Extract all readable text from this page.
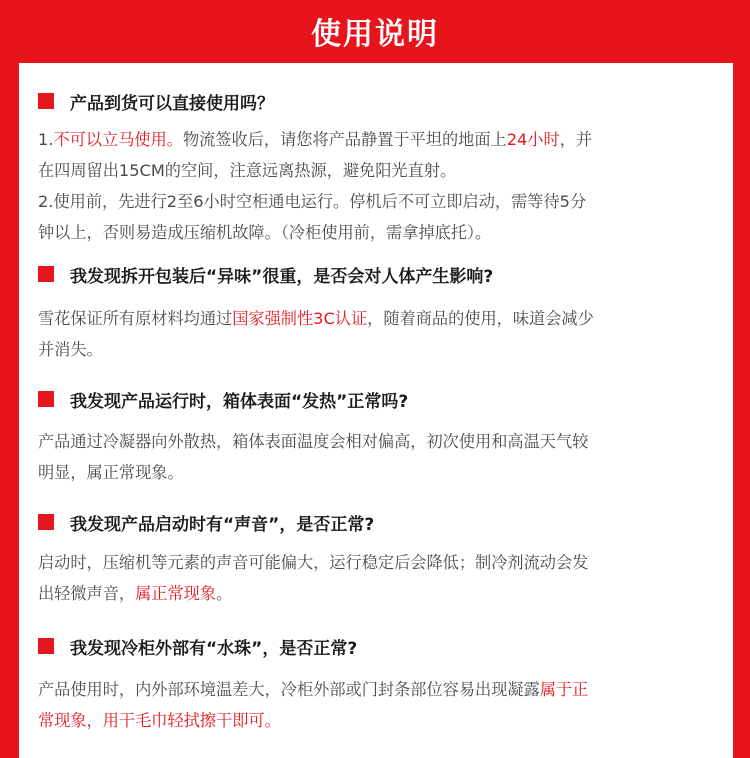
使用说明
产品到货可以直接使用吗？
1.不可以立马使用。物流签收后，请您将产品静置于平坦的地面上24小时，并
在四周留出15CM的空间，注意远离热源，避免阳光直射。
2.使用前，先进行2至6小时空柜通电运行。停机后不可立即启动，需等待5分
钟以上，否则易造成压缩机故障。（冷柜使用前，需拿掉底托）。
我发现拆开包装后“异味”很重，是否会对人体产生影响?
雪花保证所有原材料均通过国家强制性3C认证，随着商品的使用，味道会减少
并消失。
我发现产品运行时，箱体表面“发热”正常吗?
产品通过冷凝器向外散热，箱体表面温度会相对偏高，初次使用和高温天气较
明显，属正常现象。
我发现产品启动时有“声音”，是否正常?
启动时，压缩机等元素的声音可能偏大，运行稳定后会降低；制冷剂流动会发
出轻微声音，属正常现象。
我发现冷柜外部有“水珠”，是否正常?
产品使用时，内外部环境温差大，冷柜外部或门封条部位容易出现凝露属于正
常现象，用干毛巾轻拭擦干即可。
